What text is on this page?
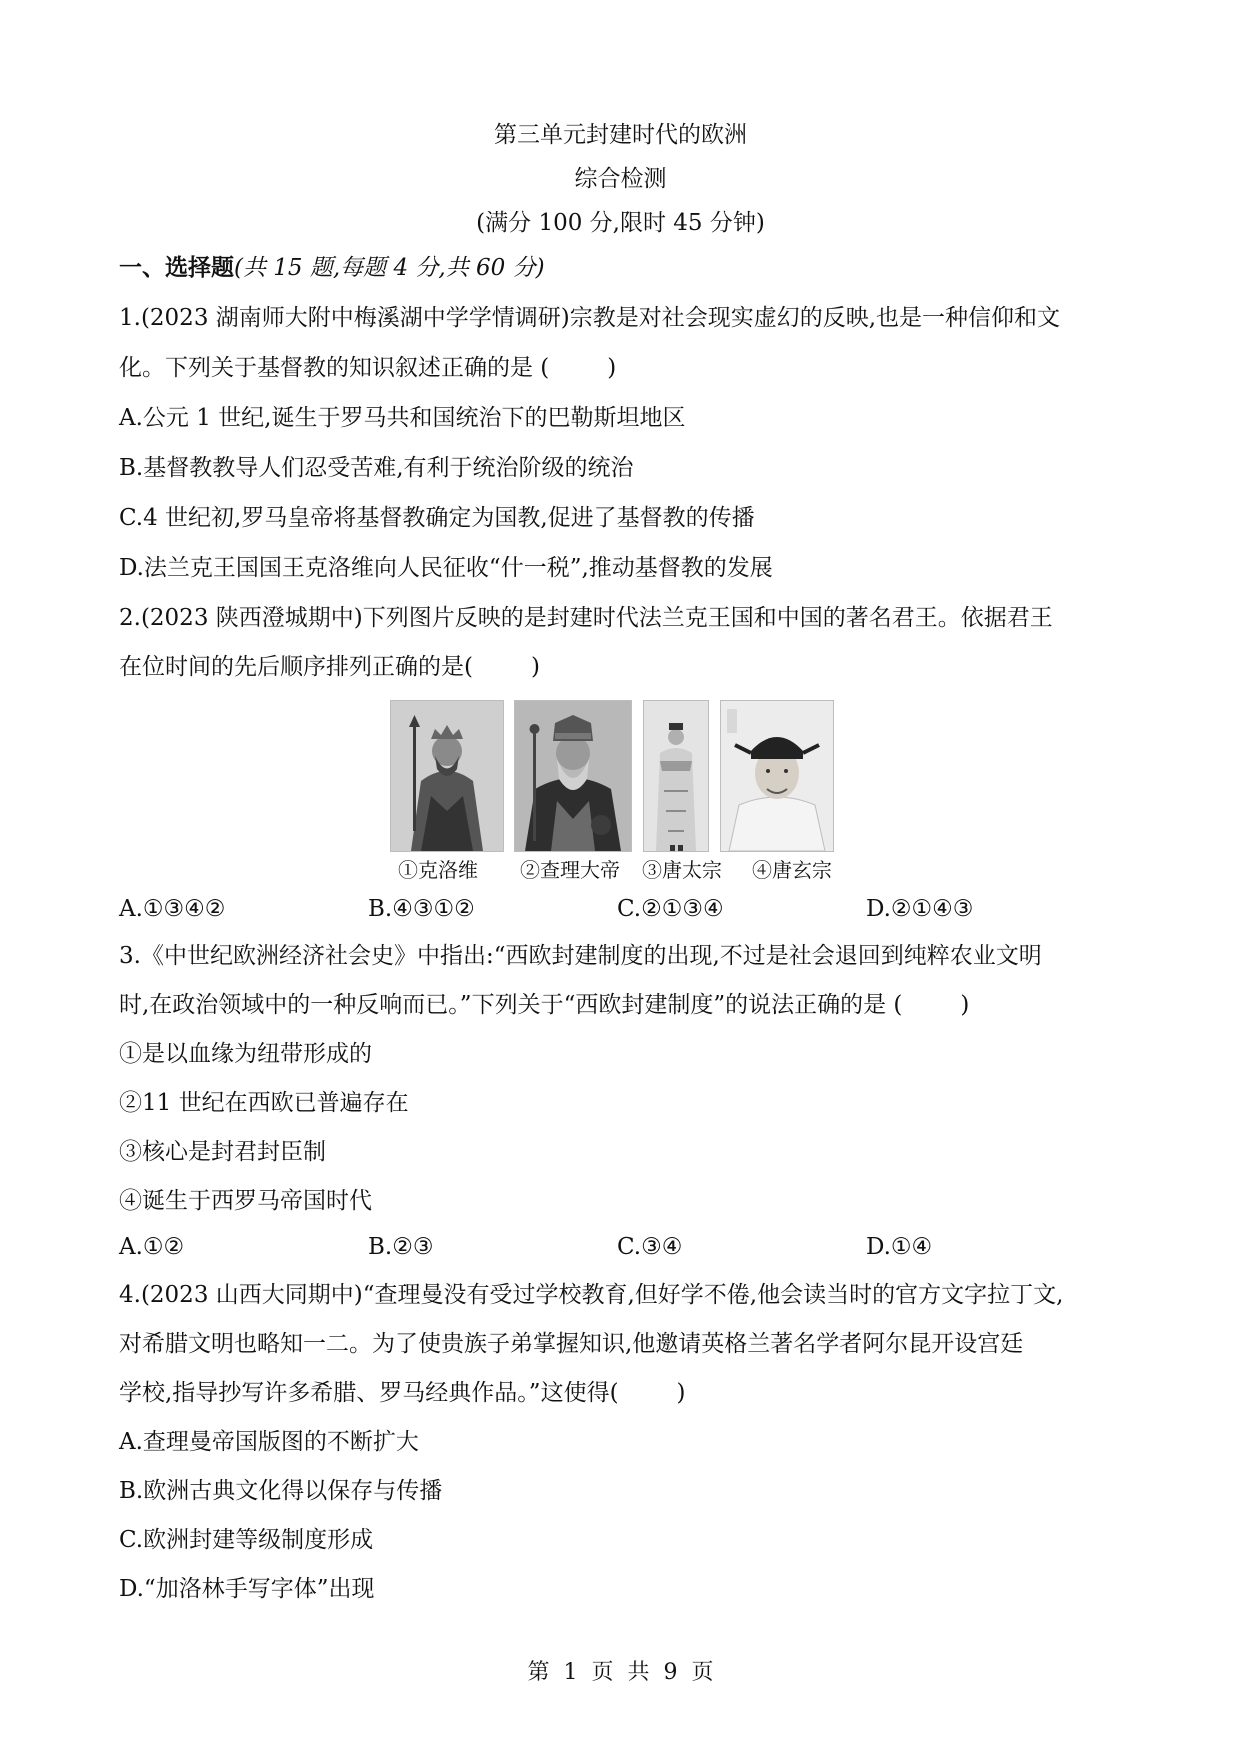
第三单元封建时代的欧洲
综合检测
(满分 100 分,限时 45 分钟)
一、选择题(共 15 题,每题 4 分,共 60 分)
1.(2023 湖南师大附中梅溪湖中学学情调研)宗教是对社会现实虚幻的反映,也是一种信仰和文
化。下列关于基督教的知识叙述正确的是 (	)
A.公元 1 世纪,诞生于罗马共和国统治下的巴勒斯坦地区
B.基督教教导人们忍受苦难,有利于统治阶级的统治
C.4 世纪初,罗马皇帝将基督教确定为国教,促进了基督教的传播
D.法兰克王国国王克洛维向人民征收“什一税”,推动基督教的发展
2.(2023 陕西澄城期中)下列图片反映的是封建时代法兰克王国和中国的著名君王。依据君王
在位时间的先后顺序排列正确的是(	)
①克洛维 ②查理大帝 ③唐太宗 ④唐玄宗
A.①③④②	B.④③①②	C.②①③④	D.②①④③
3.《中世纪欧洲经济社会史》中指出:“西欧封建制度的出现,不过是社会退回到纯粹农业文明
时,在政治领域中的一种反响而已。”下列关于“西欧封建制度”的说法正确的是 (	)
①是以血缘为纽带形成的
②11 世纪在西欧已普遍存在
③核心是封君封臣制
④诞生于西罗马帝国时代
A.①②	B.②③	C.③④	D.①④
4.(2023 山西大同期中)“查理曼没有受过学校教育,但好学不倦,他会读当时的官方文字拉丁文,
对希腊文明也略知一二。为了使贵族子弟掌握知识,他邀请英格兰著名学者阿尔昆开设宫廷
学校,指导抄写许多希腊、罗马经典作品。”这使得(	)
A.查理曼帝国版图的不断扩大
B.欧洲古典文化得以保存与传播
C.欧洲封建等级制度形成
D.“加洛林手写字体”出现
第  1  页  共  9  页
